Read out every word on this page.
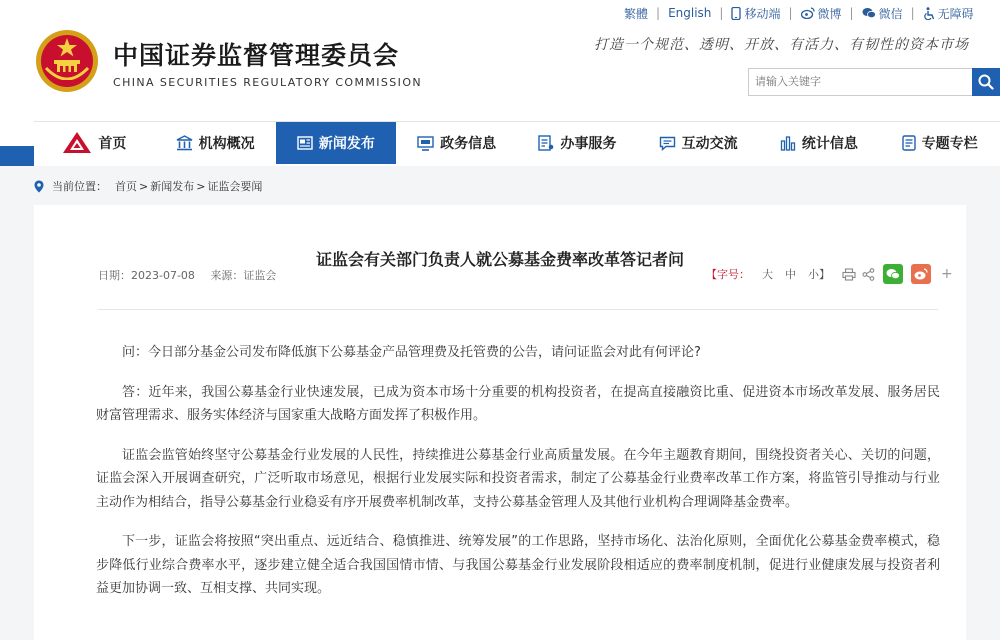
中国证券监督管理委员会
CHINA SECURITIES REGULATORY COMMISSION
繁體 | English | 移动端 | 微博 | 微信 | 无障碍
打造一个规范、透明、开放、有活力、有韧性的资本市场
请输入关键字
首页	机构概况	新闻发布	政务信息	办事服务	互动交流	统计信息	专题专栏
当前位置： 首页 > 新闻发布 > 证监会要闻
证监会有关部门负责人就公募基金费率改革答记者问
日期：2023-07-08 来源：证监会	【字号： 大 中 小】	+

问：今日部分基金公司发布降低旗下公募基金产品管理费及托管费的公告，请问证监会对此有何评论?

答：近年来，我国公募基金行业快速发展，已成为资本市场十分重要的机构投资者，在提高直接融资比重、促进资本市场改革发展、服务居民财富管理需求、服务实体经济与国家重大战略方面发挥了积极作用。

证监会监管始终坚守公募基金行业发展的人民性，持续推进公募基金行业高质量发展。在今年主题教育期间，围绕投资者关心、关切的问题，证监会深入开展调查研究，广泛听取市场意见，根据行业发展实际和投资者需求，制定了公募基金行业费率改革工作方案，将监管引导推动与行业主动作为相结合，指导公募基金行业稳妥有序开展费率机制改革，支持公募基金管理人及其他行业机构合理调降基金费率。

下一步，证监会将按照“突出重点、远近结合、稳慎推进、统筹发展”的工作思路，坚持市场化、法治化原则，全面优化公募基金费率模式，稳步降低行业综合费率水平，逐步建立健全适合我国国情市情、与我国公募基金行业发展阶段相适应的费率制度机制，促进行业健康发展与投资者利益更加协调一致、互相支撑、共同实现。
